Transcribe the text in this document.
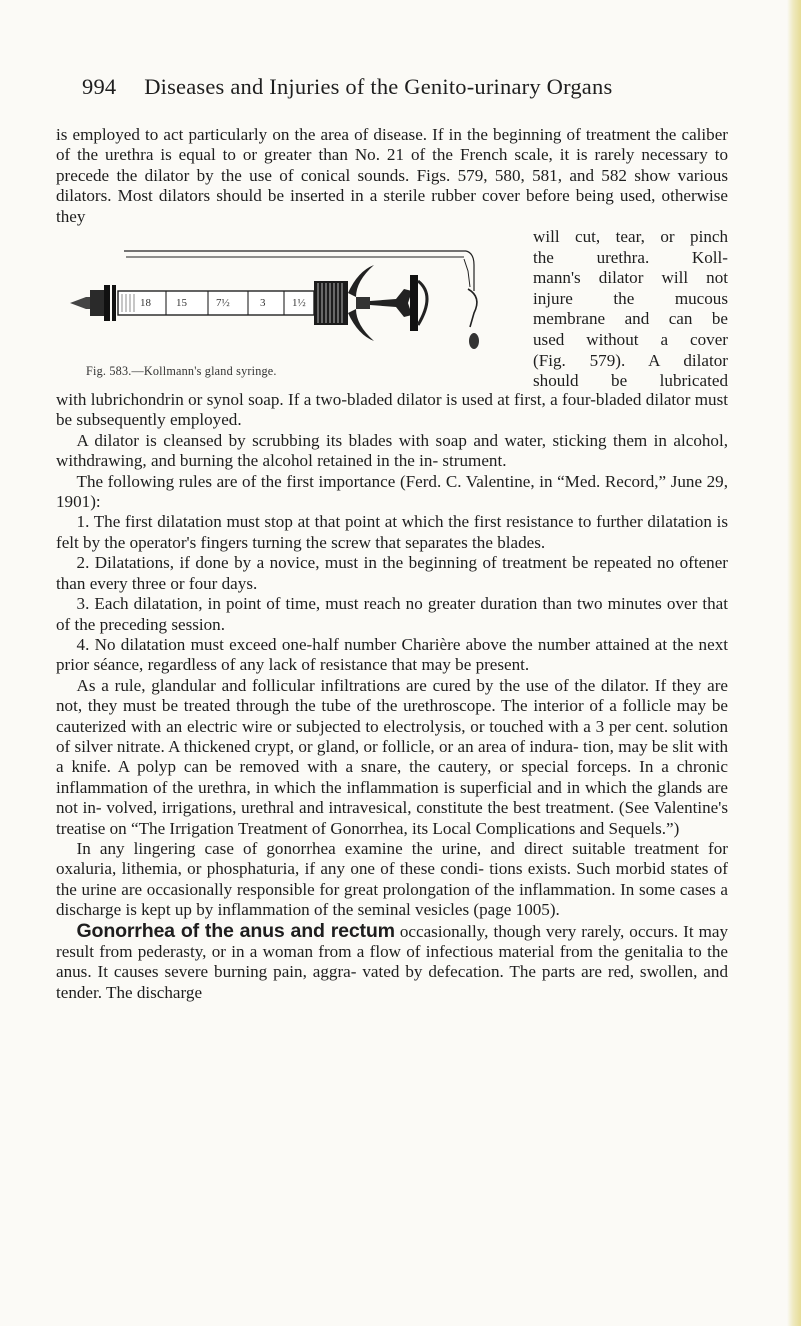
994 Diseases and Injuries of the Genito-urinary Organs

is employed to act particularly on the area of disease. If in the beginning of treatment the caliber of the urethra is equal to or greater than No. 21 of the French scale, it is rarely necessary to precede the dilator by the use of conical sounds. Figs. 579, 580, 581, and 582 show various dilators. Most dilators should be inserted in a sterile rubber cover before being used, otherwise they

18 15	7½	3 1½
Fig. 583.—Kollmann's gland syringe.
will cut, tear, or pinch
the urethra. Koll-
mann's dilator will not
injure the mucous
membrane and can be
used without a cover
(Fig. 579). A dilator
should be lubricated

with lubrichondrin or synol soap. If a two-bladed dilator is used at first, a four-bladed dilator must be subsequently employed.

A dilator is cleansed by scrubbing its blades with soap and water, sticking them in alcohol, withdrawing, and burning the alcohol retained in the in- strument.

The following rules are of the first importance (Ferd. C. Valentine, in “Med. Record,” June 29, 1901):

1. The first dilatation must stop at that point at which the first resistance to further dilatation is felt by the operator's fingers turning the screw that separates the blades.

2. Dilatations, if done by a novice, must in the beginning of treatment be repeated no oftener than every three or four days.

3. Each dilatation, in point of time, must reach no greater duration than two minutes over that of the preceding session.

4. No dilatation must exceed one-half number Charière above the number attained at the next prior séance, regardless of any lack of resistance that may be present.

As a rule, glandular and follicular infiltrations are cured by the use of the dilator. If they are not, they must be treated through the tube of the urethroscope. The interior of a follicle may be cauterized with an electric wire or subjected to electrolysis, or touched with a 3 per cent. solution of silver nitrate. A thickened crypt, or gland, or follicle, or an area of indura- tion, may be slit with a knife. A polyp can be removed with a snare, the cautery, or special forceps. In a chronic inflammation of the urethra, in which the inflammation is superficial and in which the glands are not in- volved, irrigations, urethral and intravesical, constitute the best treatment. (See Valentine's treatise on “The Irrigation Treatment of Gonorrhea, its Local Complications and Sequels.”)

In any lingering case of gonorrhea examine the urine, and direct suitable treatment for oxaluria, lithemia, or phosphaturia, if any one of these condi- tions exists. Such morbid states of the urine are occasionally responsible for great prolongation of the inflammation. In some cases a discharge is kept up by inflammation of the seminal vesicles (page 1005).

Gonorrhea of the anus and rectum occasionally, though very rarely, occurs. It may result from pederasty, or in a woman from a flow of infectious material from the genitalia to the anus. It causes severe burning pain, aggra- vated by defecation. The parts are red, swollen, and tender. The discharge
